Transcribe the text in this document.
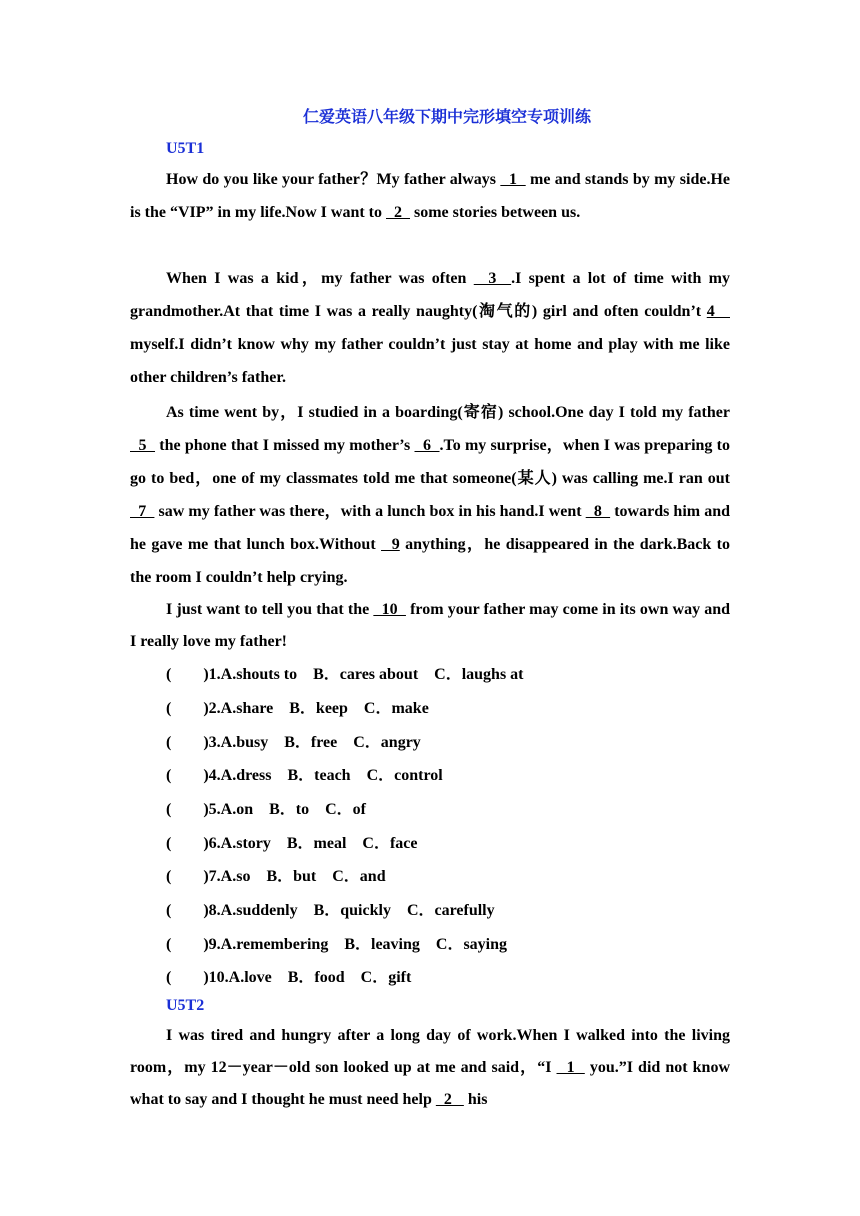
仁爱英语八年级下期中完形填空专项训练
U5T1
How do you like your father？My father always   1   me and stands by my side.He is the “VIP” in my life.Now I want to   2   some stories between us.
When I was a kid，my father was often   3  .I spent a lot of time with my grandmother.At that time I was a really naughty(淘气的) girl and often couldn’t 4    myself.I didn’t know why my father couldn’t just stay at home and play with me like other children’s father.
As time went by，I studied in a boarding(寄宿) school.One day I told my father   5   the phone that I missed my mother’s   6  .To my surprise，when I was preparing to go to bed，one of my classmates told me that someone(某人) was calling me.I ran out   7   saw my father was there，with a lunch box in his hand.I went   8   towards him and he gave me that lunch box.Without   9 anything，he disappeared in the dark.Back to the room I couldn’t help crying.
I just want to tell you that the   10   from your father may come in its own way and I really love my father!
(　　)1.A.shouts to　B．cares about　C．laughs at
(　　)2.A.share　B．keep　C．make
(　　)3.A.busy　B．free　C．angry
(　　)4.A.dress　B．teach　C．control
(　　)5.A.on　B．to　C．of
(　　)6.A.story　B．meal　C．face
(　　)7.A.so　B．but　C．and
(　　)8.A.suddenly　B．quickly　C．carefully
(　　)9.A.remembering　B．leaving　C．saying
(　　)10.A.love　B．food　C．gift
U5T2
I was tired and hungry after a long day of work.When I walked into the living room，my 12－year－old son looked up at me and said，“I   1   you.”I did not know what to say and I thought he must need help   2    his
